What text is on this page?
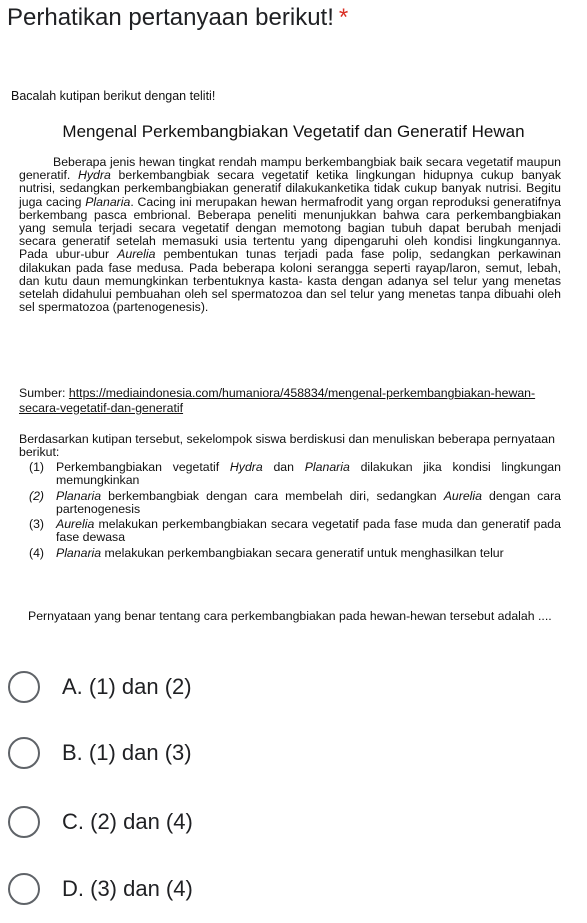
Perhatikan pertanyaan berikut! *
Bacalah kutipan berikut dengan teliti!
Mengenal Perkembangbiakan Vegetatif dan Generatif Hewan
Beberapa jenis hewan tingkat rendah mampu berkembangbiak baik secara vegetatif maupun generatif. Hydra berkembangbiak secara vegetatif ketika lingkungan hidupnya cukup banyak nutrisi, sedangkan perkembangbiakan generatif dilakukanketika tidak cukup banyak nutrisi. Begitu juga cacing Planaria. Cacing ini merupakan hewan hermafrodit yang organ reproduksi generatifnya berkembang pasca embrional. Beberapa peneliti menunjukkan bahwa cara perkembangbiakan yang semula terjadi secara vegetatif dengan memotong bagian tubuh dapat berubah menjadi secara generatif setelah memasuki usia tertentu yang dipengaruhi oleh kondisi lingkungannya. Pada ubur-ubur Aurelia pembentukan tunas terjadi pada fase polip, sedangkan perkawinan dilakukan pada fase medusa. Pada beberapa koloni serangga seperti rayap/laron, semut, lebah, dan kutu daun memungkinkan terbentuknya kasta- kasta dengan adanya sel telur yang menetas setelah didahului pembuahan oleh sel spermatozoa dan sel telur yang menetas tanpa dibuahi oleh sel spermatozoa (partenogenesis).
Sumber: https://mediaindonesia.com/humaniora/458834/mengenal-perkembangbiakan-hewan-secara-vegetatif-dan-generatif
Berdasarkan kutipan tersebut, sekelompok siswa berdiskusi dan menuliskan beberapa pernyataan berikut:
(1) Perkembangbiakan vegetatif Hydra dan Planaria dilakukan jika kondisi lingkungan memungkinkan
(2) Planaria berkembangbiak dengan cara membelah diri, sedangkan Aurelia dengan cara partenogenesis
(3) Aurelia melakukan perkembangbiakan secara vegetatif pada fase muda dan generatif pada fase dewasa
(4) Planaria melakukan perkembangbiakan secara generatif untuk menghasilkan telur
Pernyataan yang benar tentang cara perkembangbiakan pada hewan-hewan tersebut adalah ....
A. (1) dan (2)
B. (1) dan (3)
C. (2) dan (4)
D. (3) dan (4)
